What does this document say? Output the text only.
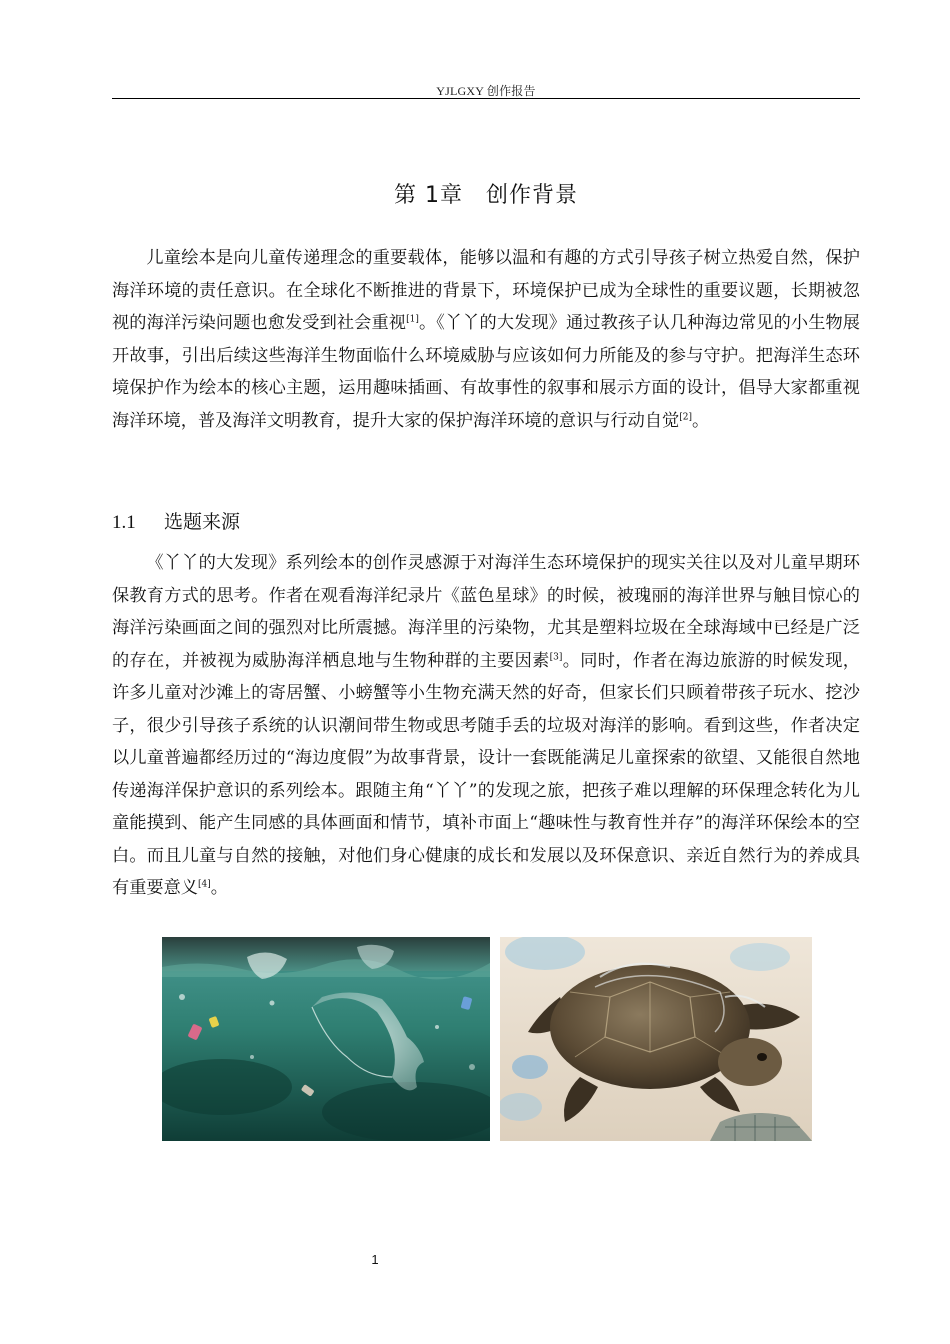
YJLGXY 创作报告
第 1章　创作背景

儿童绘本是向儿童传递理念的重要载体，能够以温和有趣的方式引导孩子树立热爱自然，保护海洋环境的责任意识。在全球化不断推进的背景下，环境保护已成为全球性的重要议题，长期被忽视的海洋污染问题也愈发受到社会重视[1]。《丫丫的大发现》通过教孩子认几种海边常见的小生物展开故事，引出后续这些海洋生物面临什么环境威胁与应该如何力所能及的参与守护。把海洋生态环境保护作为绘本的核心主题，运用趣味插画、有故事性的叙事和展示方面的设计，倡导大家都重视海洋环境，普及海洋文明教育，提升大家的保护海洋环境的意识与行动自觉[2]。

1.1 选题来源

《丫丫的大发现》系列绘本的创作灵感源于对海洋生态环境保护的现实关往以及对儿童早期环保教育方式的思考。作者在观看海洋纪录片《蓝色星球》的时候，被瑰丽的海洋世界与触目惊心的海洋污染画面之间的强烈对比所震撼。海洋里的污染物，尤其是塑料垃圾在全球海域中已经是广泛的存在，并被视为威胁海洋栖息地与生物种群的主要因素[3]。同时，作者在海边旅游的时候发现，许多儿童对沙滩上的寄居蟹、小螃蟹等小生物充满天然的好奇，但家长们只顾着带孩子玩水、挖沙子，很少引导孩子系统的认识潮间带生物或思考随手丢的垃圾对海洋的影响。看到这些，作者决定以儿童普遍都经历过的“海边度假”为故事背景，设计一套既能满足儿童探索的欲望、又能很自然地传递海洋保护意识的系列绘本。跟随主角“丫丫”的发现之旅，把孩子难以理解的环保理念转化为儿童能摸到、能产生同感的具体画面和情节，填补市面上“趣味性与教育性并存”的海洋环保绘本的空白。而且儿童与自然的接触，对他们身心健康的成长和发展以及环保意识、亲近自然行为的养成具有重要意义[4]。

1
